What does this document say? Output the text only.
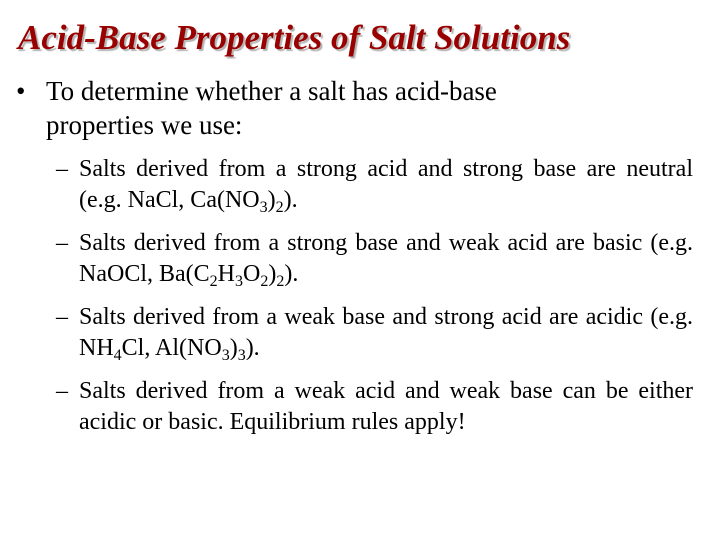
Acid-Base Properties of Salt Solutions
• To determine whether a salt has acid-base properties we use:
– Salts derived from a strong acid and strong base are neutral (e.g. NaCl, $Ca(NO_3)_2$).
– Salts derived from a strong base and weak acid are basic (e.g. NaOCl, $Ba(C_2H_3O_2)_2$).
– Salts derived from a weak base and strong acid are acidic (e.g. $NH_4Cl$, $Al(NO_3)_3$).
– Salts derived from a weak acid and weak base can be either acidic or basic. Equilibrium rules apply!
